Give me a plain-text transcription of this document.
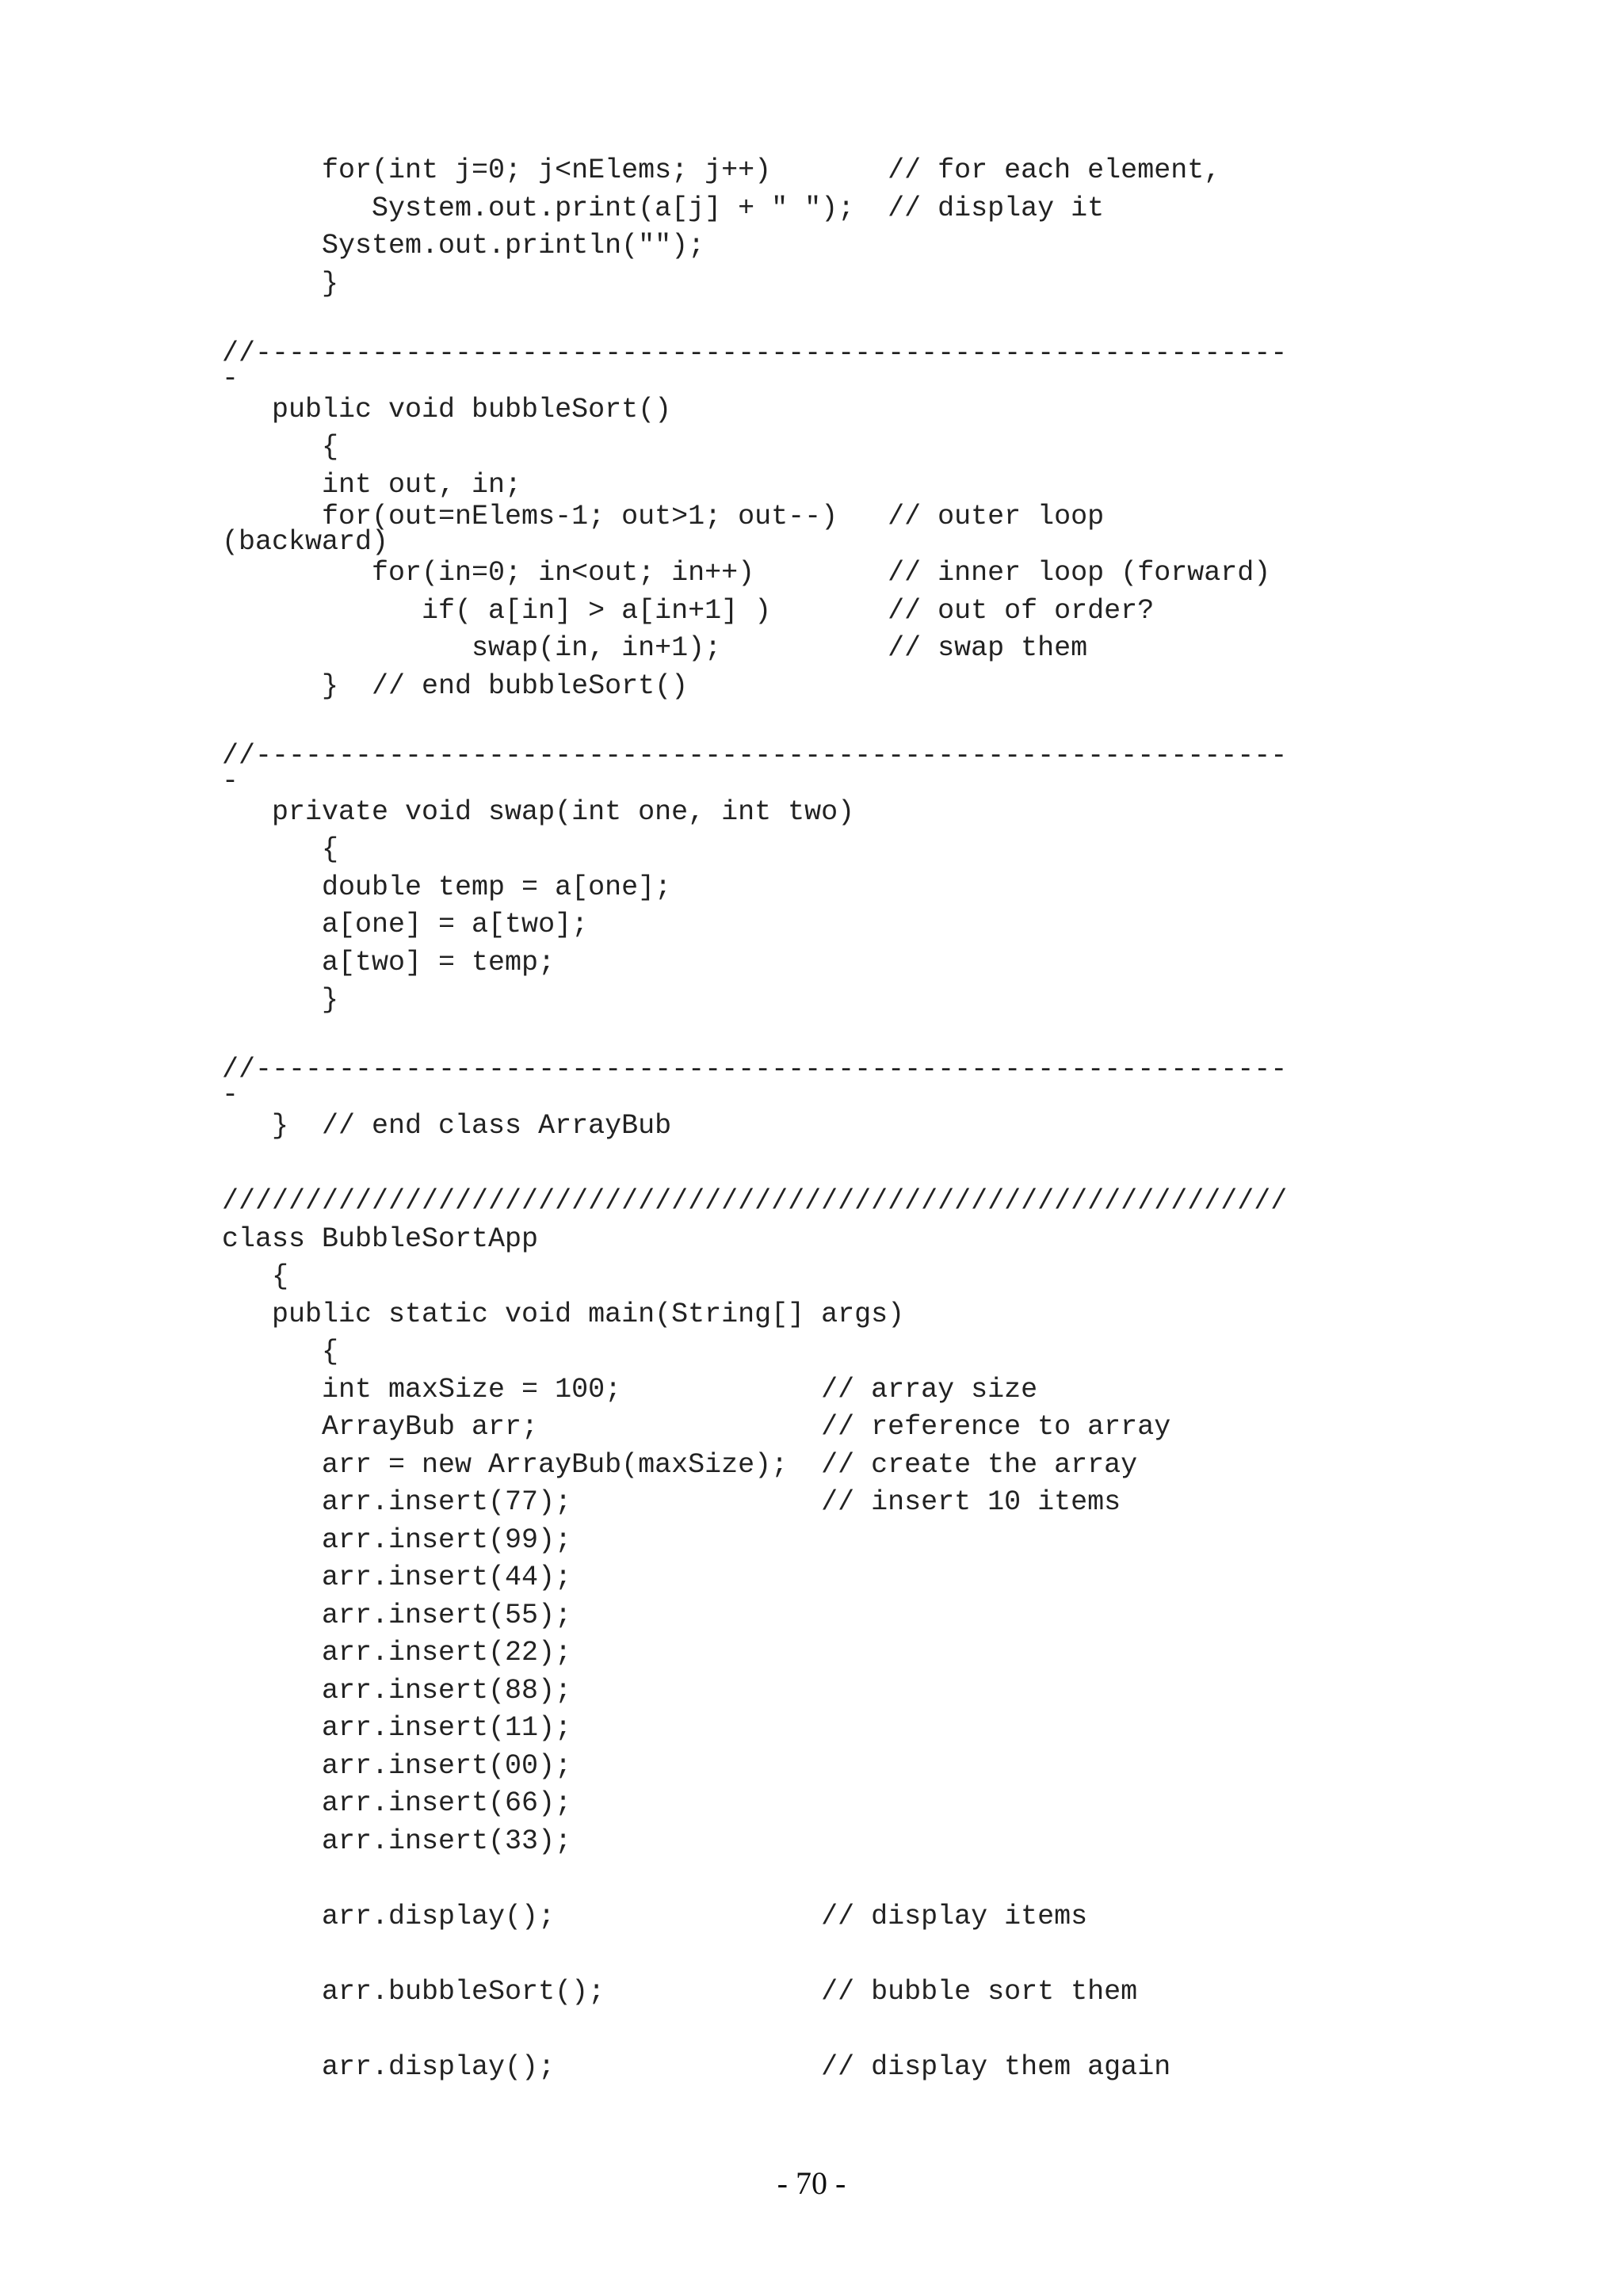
for(int j=0; j<nElems; j++)       // for each element,
System.out.print(a[j] + " ");  // display it
System.out.println("");
}
//--------------------------------------------------------------
-
public void bubbleSort()
{
int out, in;
for(out=nElems-1; out>1; out--)   // outer loop
(backward)
for(in=0; in<out; in++)        // inner loop (forward)
if( a[in] > a[in+1] )       // out of order?
swap(in, in+1);          // swap them
}  // end bubbleSort()
//--------------------------------------------------------------
-
private void swap(int one, int two)
{
double temp = a[one];
a[one] = a[two];
a[two] = temp;
}
//--------------------------------------------------------------
-
}  // end class ArrayBub
////////////////////////////////////////////////////////////////
class BubbleSortApp
{
public static void main(String[] args)
{
int maxSize = 100;            // array size
ArrayBub arr;                 // reference to array
arr = new ArrayBub(maxSize);  // create the array
arr.insert(77);               // insert 10 items
arr.insert(99);
arr.insert(44);
arr.insert(55);
arr.insert(22);
arr.insert(88);
arr.insert(11);
arr.insert(00);
arr.insert(66);
arr.insert(33);
arr.display();                // display items
arr.bubbleSort();             // bubble sort them
arr.display();                // display them again
- 70 -
